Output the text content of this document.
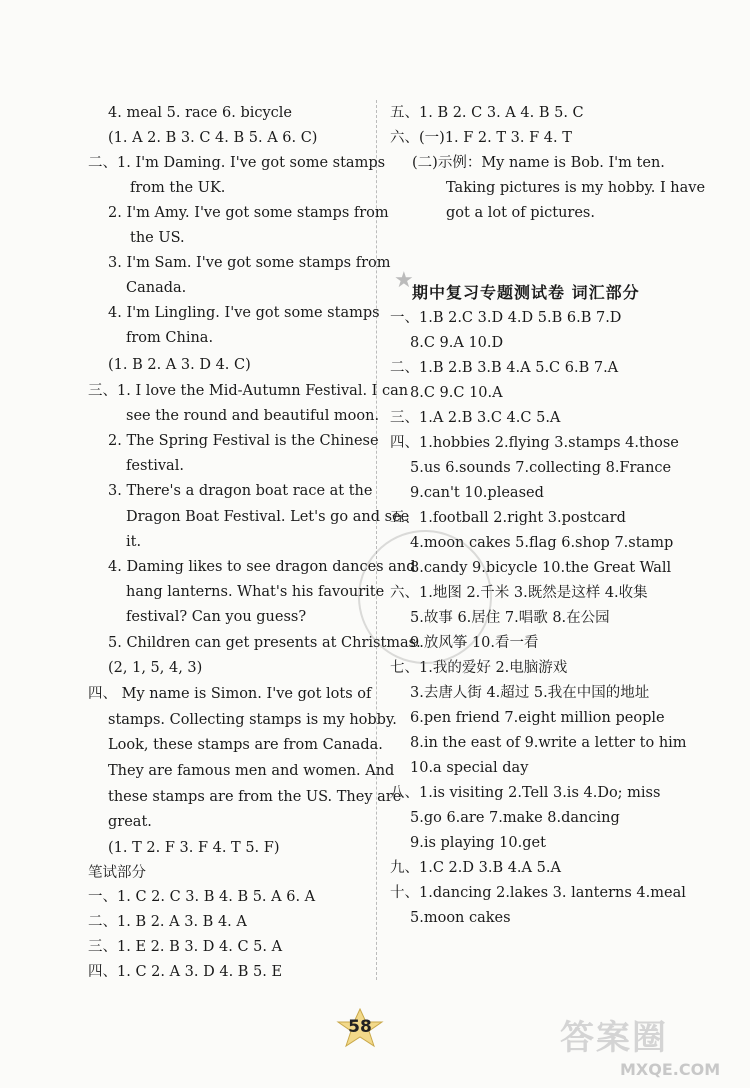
4. meal 5. race 6. bicycle
(1. A 2. B 3. C 4. B 5. A 6. C)
二、1. I'm Daming. I've got some stamps
from the UK.
2. I'm Amy. I've got some stamps from
the US.
3. I'm Sam. I've got some stamps from
Canada.
4. I'm Lingling. I've got some stamps
from China.
(1. B 2. A 3. D 4. C)
三、1. I love the Mid-Autumn Festival. I can
see the round and beautiful moon.
2. The Spring Festival is the Chinese
festival.
3. There's a dragon boat race at the
Dragon Boat Festival. Let's go and see
it.
4. Daming likes to see dragon dances and
hang lanterns. What's his favourite
festival? Can you guess?
5. Children can get presents at Christmas.
(2, 1, 5, 4, 3)
四、 My name is Simon. I've got lots of
stamps. Collecting stamps is my hobby.
Look, these stamps are from Canada.
They are famous men and women. And
these stamps are from the US. They are
great.
(1. T 2. F 3. F 4. T 5. F)
笔试部分
一、1. C 2. C 3. B 4. B 5. A 6. A
二、1. B 2. A 3. B 4. A
三、1. E 2. B 3. D 4. C 5. A
四、1. C 2. A 3. D 4. B 5. E
五、1. B 2. C 3. A 4. B 5. C
六、(一)1. F 2. T 3. F 4. T
(二)示例：My name is Bob. I'm ten.
Taking pictures is my hobby. I have
got a lot of pictures.
一、1.B 2.C 3.D 4.D 5.B 6.B 7.D
8.C 9.A 10.D
二、1.B 2.B 3.B 4.A 5.C 6.B 7.A
8.C 9.C 10.A
三、1.A 2.B 3.C 4.C 5.A
四、1.hobbies 2.flying 3.stamps 4.those
5.us 6.sounds 7.collecting 8.France
9.can't 10.pleased
五、1.football 2.right 3.postcard
4.moon cakes 5.flag 6.shop 7.stamp
8.candy 9.bicycle 10.the Great Wall
六、1.地图 2.千米 3.既然是这样 4.收集
5.故事 6.居住 7.唱歌 8.在公园
9.放风筝 10.看一看
七、1.我的爱好 2.电脑游戏
3.去唐人街 4.超过 5.我在中国的地址
6.pen friend 7.eight million people
8.in the east of 9.write a letter to him
10.a special day
八、1.is visiting 2.Tell 3.is 4.Do; miss
5.go 6.are 7.make 8.dancing
9.is playing 10.get
九、1.C 2.D 3.B 4.A 5.A
十、1.dancing 2.lakes 3. lanterns 4.meal
5.moon cakes
★
期中复习专题测试卷 词汇部分
58	答案圈
MXQE.COM
